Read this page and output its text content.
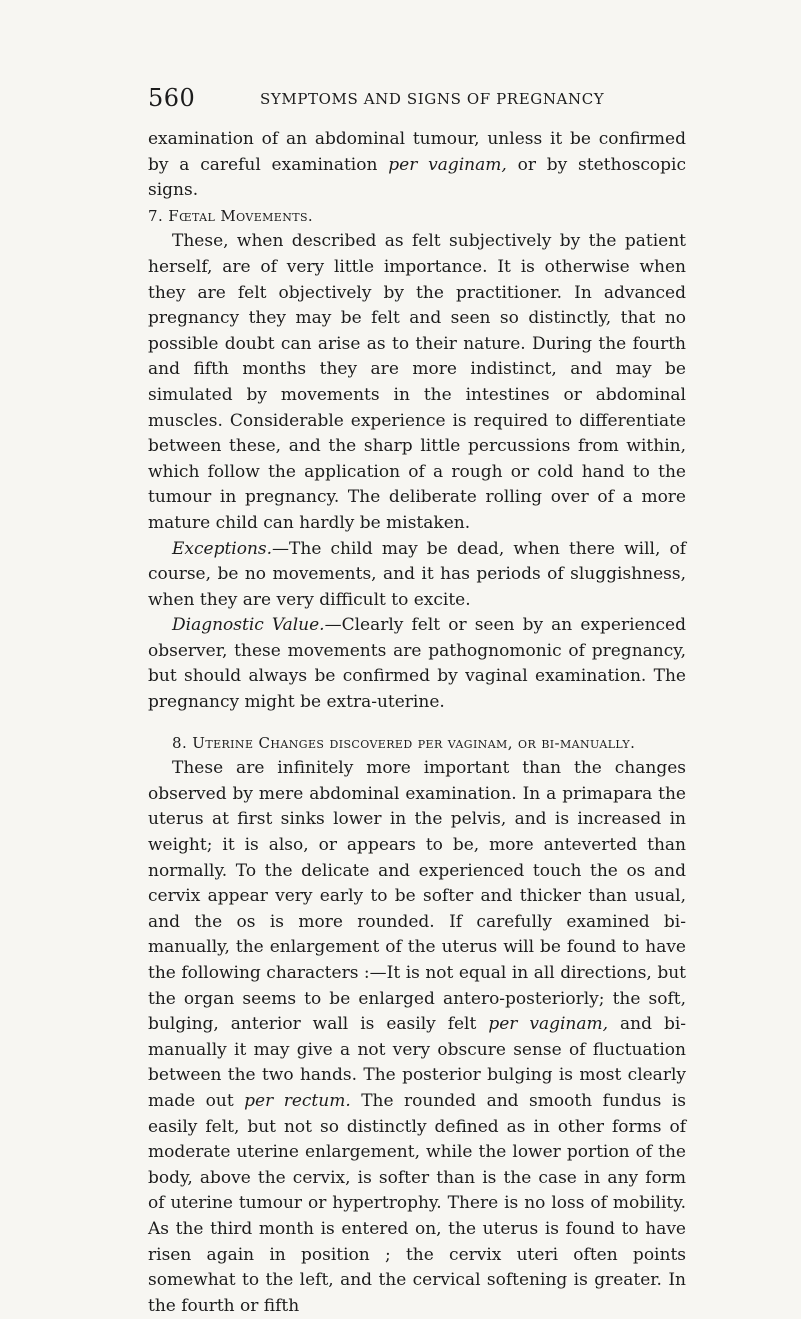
560	SYMPTOMS AND SIGNS OF PREGNANCY

examination of an abdominal tumour, unless it be confirmed by a careful examination per vaginam, or by stethoscopic signs.

7. Fœtal Movements.

These, when described as felt subjectively by the patient herself, are of very little importance. It is otherwise when they are felt objectively by the practitioner. In advanced pregnancy they may be felt and seen so distinctly, that no possible doubt can arise as to their nature. During the fourth and fifth months they are more indistinct, and may be simulated by movements in the intestines or abdominal muscles. Considerable experience is required to differentiate between these, and the sharp little percussions from within, which follow the application of a rough or cold hand to the tumour in pregnancy. The deliberate rolling over of a more mature child can hardly be mistaken.

Exceptions.—The child may be dead, when there will, of course, be no movements, and it has periods of sluggishness, when they are very difficult to excite.

Diagnostic Value.—Clearly felt or seen by an experienced observer, these movements are pathognomonic of pregnancy, but should always be confirmed by vaginal examination. The pregnancy might be extra-uterine.

8. Uterine Changes discovered per vaginam, or bi-manually.

These are infinitely more important than the changes observed by mere abdominal examination. In a primapara the uterus at first sinks lower in the pelvis, and is increased in weight; it is also, or appears to be, more anteverted than normally. To the delicate and experienced touch the os and cervix appear very early to be softer and thicker than usual, and the os is more rounded. If carefully examined bi-manually, the enlargement of the uterus will be found to have the following characters :—It is not equal in all directions, but the organ seems to be enlarged antero-posteriorly; the soft, bulging, anterior wall is easily felt per vaginam, and bi-manually it may give a not very obscure sense of fluctuation between the two hands. The posterior bulging is most clearly made out per rectum. The rounded and smooth fundus is easily felt, but not so distinctly defined as in other forms of moderate uterine enlargement, while the lower portion of the body, above the cervix, is softer than is the case in any form of uterine tumour or hypertrophy. There is no loss of mobility. As the third month is entered on, the uterus is found to have risen again in position ; the cervix uteri often points somewhat to the left, and the cervical softening is greater. In the fourth or fifth
